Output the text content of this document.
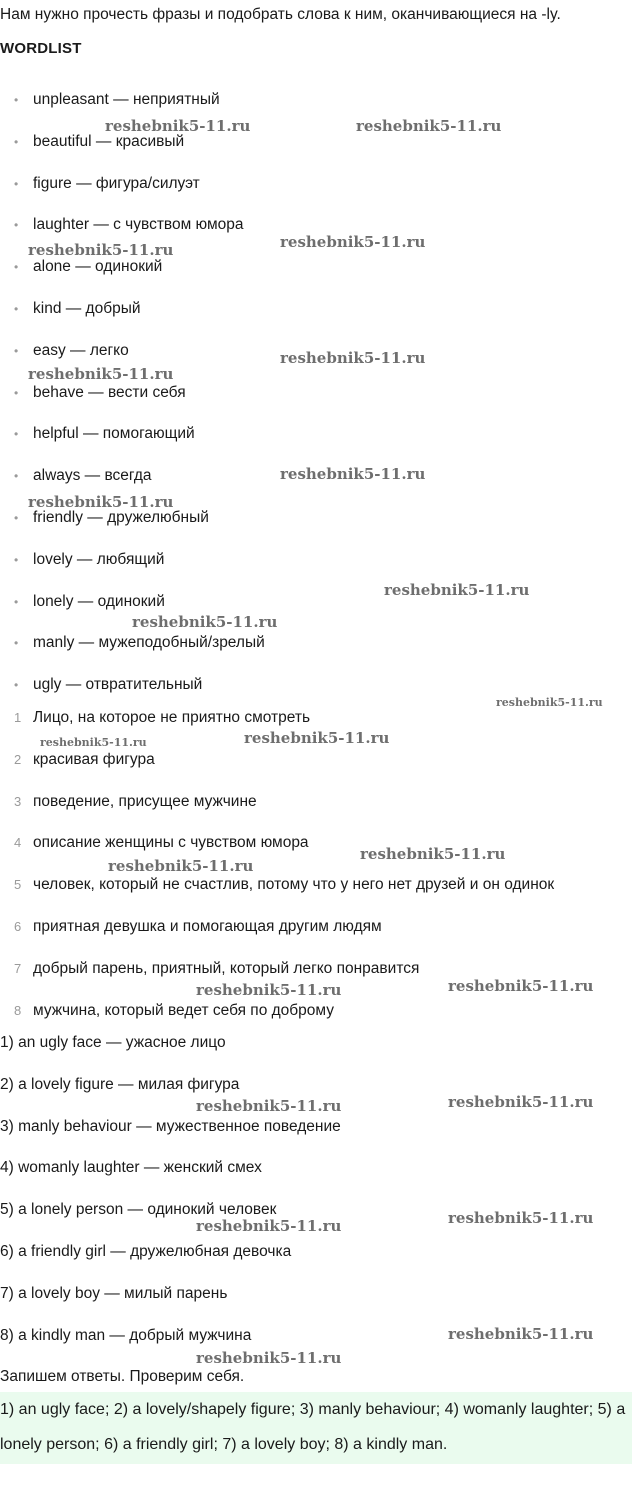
Нам нужно прочесть фразы и подобрать слова к ним, оканчивающиеся на -ly.
WORDLIST
• unpleasant — неприятный
• beautiful — красивый
• figure — фигура/силуэт
• laughter — с чувством юмора
• alone — одинокий
• kind — добрый
• easy — легко
• behave — вести себя
• helpful — помогающий
• always — всегда
• friendly — дружелюбный
• lovely — любящий
• lonely — одинокий
• manly — мужеподобный/зрелый
• ugly — отвратительный
1 Лицо, на которое не приятно смотреть
2 красивая фигура
3 поведение, присущее мужчине
4 описание женщины с чувством юмора
5 человек, который не счастлив, потому что у него нет друзей и он одинок
6 приятная девушка и помогающая другим людям
7 добрый парень, приятный, который легко понравится
8 мужчина, который ведет себя по доброму
1) an ugly face — ужасное лицо
2) a lovely figure — милая фигура
3) manly behaviour — мужественное поведение
4) womanly laughter — женский смех
5) a lonely person — одинокий человек
6) a friendly girl — дружелюбная девочка
7) a lovely boy — милый парень
8) a kindly man — добрый мужчина
Запишем ответы. Проверим себя.

1) an ugly face; 2) a lovely/shapely figure; 3) manly behaviour; 4) womanly laughter; 5) a lonely person; 6) a friendly girl; 7) a lovely boy; 8) a kindly man.

reshebnik5-11.ru	reshebnik5-11.ru
reshebnik5-11.ru	reshebnik5-11.ru
reshebnik5-11.ru
reshebnik5-11.ru
reshebnik5-11.ru
reshebnik5-11.ru
reshebnik5-11.ru
reshebnik5-11.ru
reshebnik5-11.ru
reshebnik5-11.ru	reshebnik5-11.ru
reshebnik5-11.ru
reshebnik5-11.ru
reshebnik5-11.ru	reshebnik5-11.ru
reshebnik5-11.ru	reshebnik5-11.ru
reshebnik5-11.ru	reshebnik5-11.ru
reshebnik5-11.ru
reshebnik5-11.ru
